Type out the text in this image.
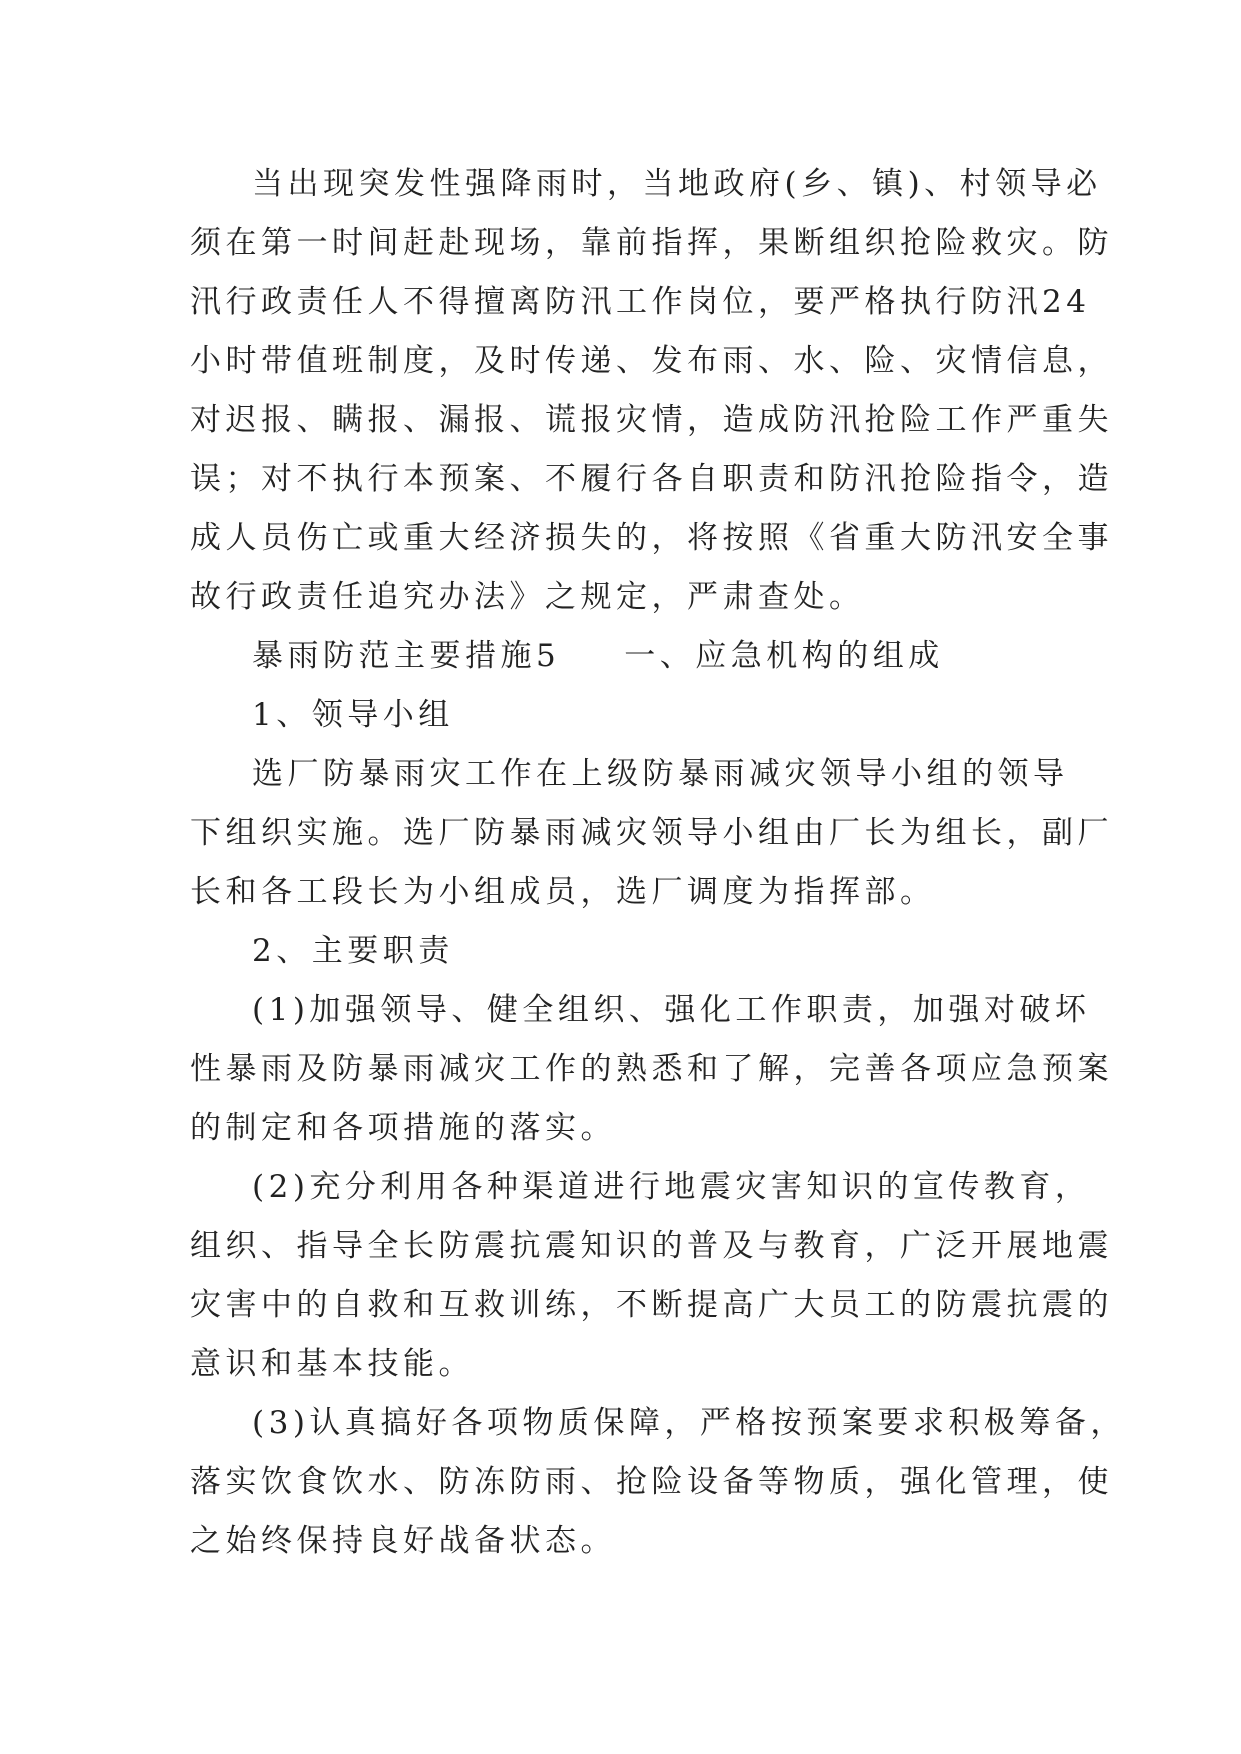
当出现突发性强降雨时，当地政府(乡、镇)、村领导必
须在第一时间赶赴现场，靠前指挥，果断组织抢险救灾。防
汛行政责任人不得擅离防汛工作岗位，要严格执行防汛24
小时带值班制度，及时传递、发布雨、水、险、灾情信息，
对迟报、瞒报、漏报、谎报灾情，造成防汛抢险工作严重失
误；对不执行本预案、不履行各自职责和防汛抢险指令，造
成人员伤亡或重大经济损失的，将按照《省重大防汛安全事
故行政责任追究办法》之规定，严肃查处。
暴雨防范主要措施5 一、应急机构的组成
1、领导小组
选厂防暴雨灾工作在上级防暴雨减灾领导小组的领导
下组织实施。选厂防暴雨减灾领导小组由厂长为组长，副厂
长和各工段长为小组成员，选厂调度为指挥部。
2、主要职责
(1)加强领导、健全组织、强化工作职责，加强对破坏
性暴雨及防暴雨减灾工作的熟悉和了解，完善各项应急预案
的制定和各项措施的落实。
(2)充分利用各种渠道进行地震灾害知识的宣传教育，
组织、指导全长防震抗震知识的普及与教育，广泛开展地震
灾害中的自救和互救训练，不断提高广大员工的防震抗震的
意识和基本技能。
(3)认真搞好各项物质保障，严格按预案要求积极筹备，
落实饮食饮水、防冻防雨、抢险设备等物质，强化管理，使
之始终保持良好战备状态。
